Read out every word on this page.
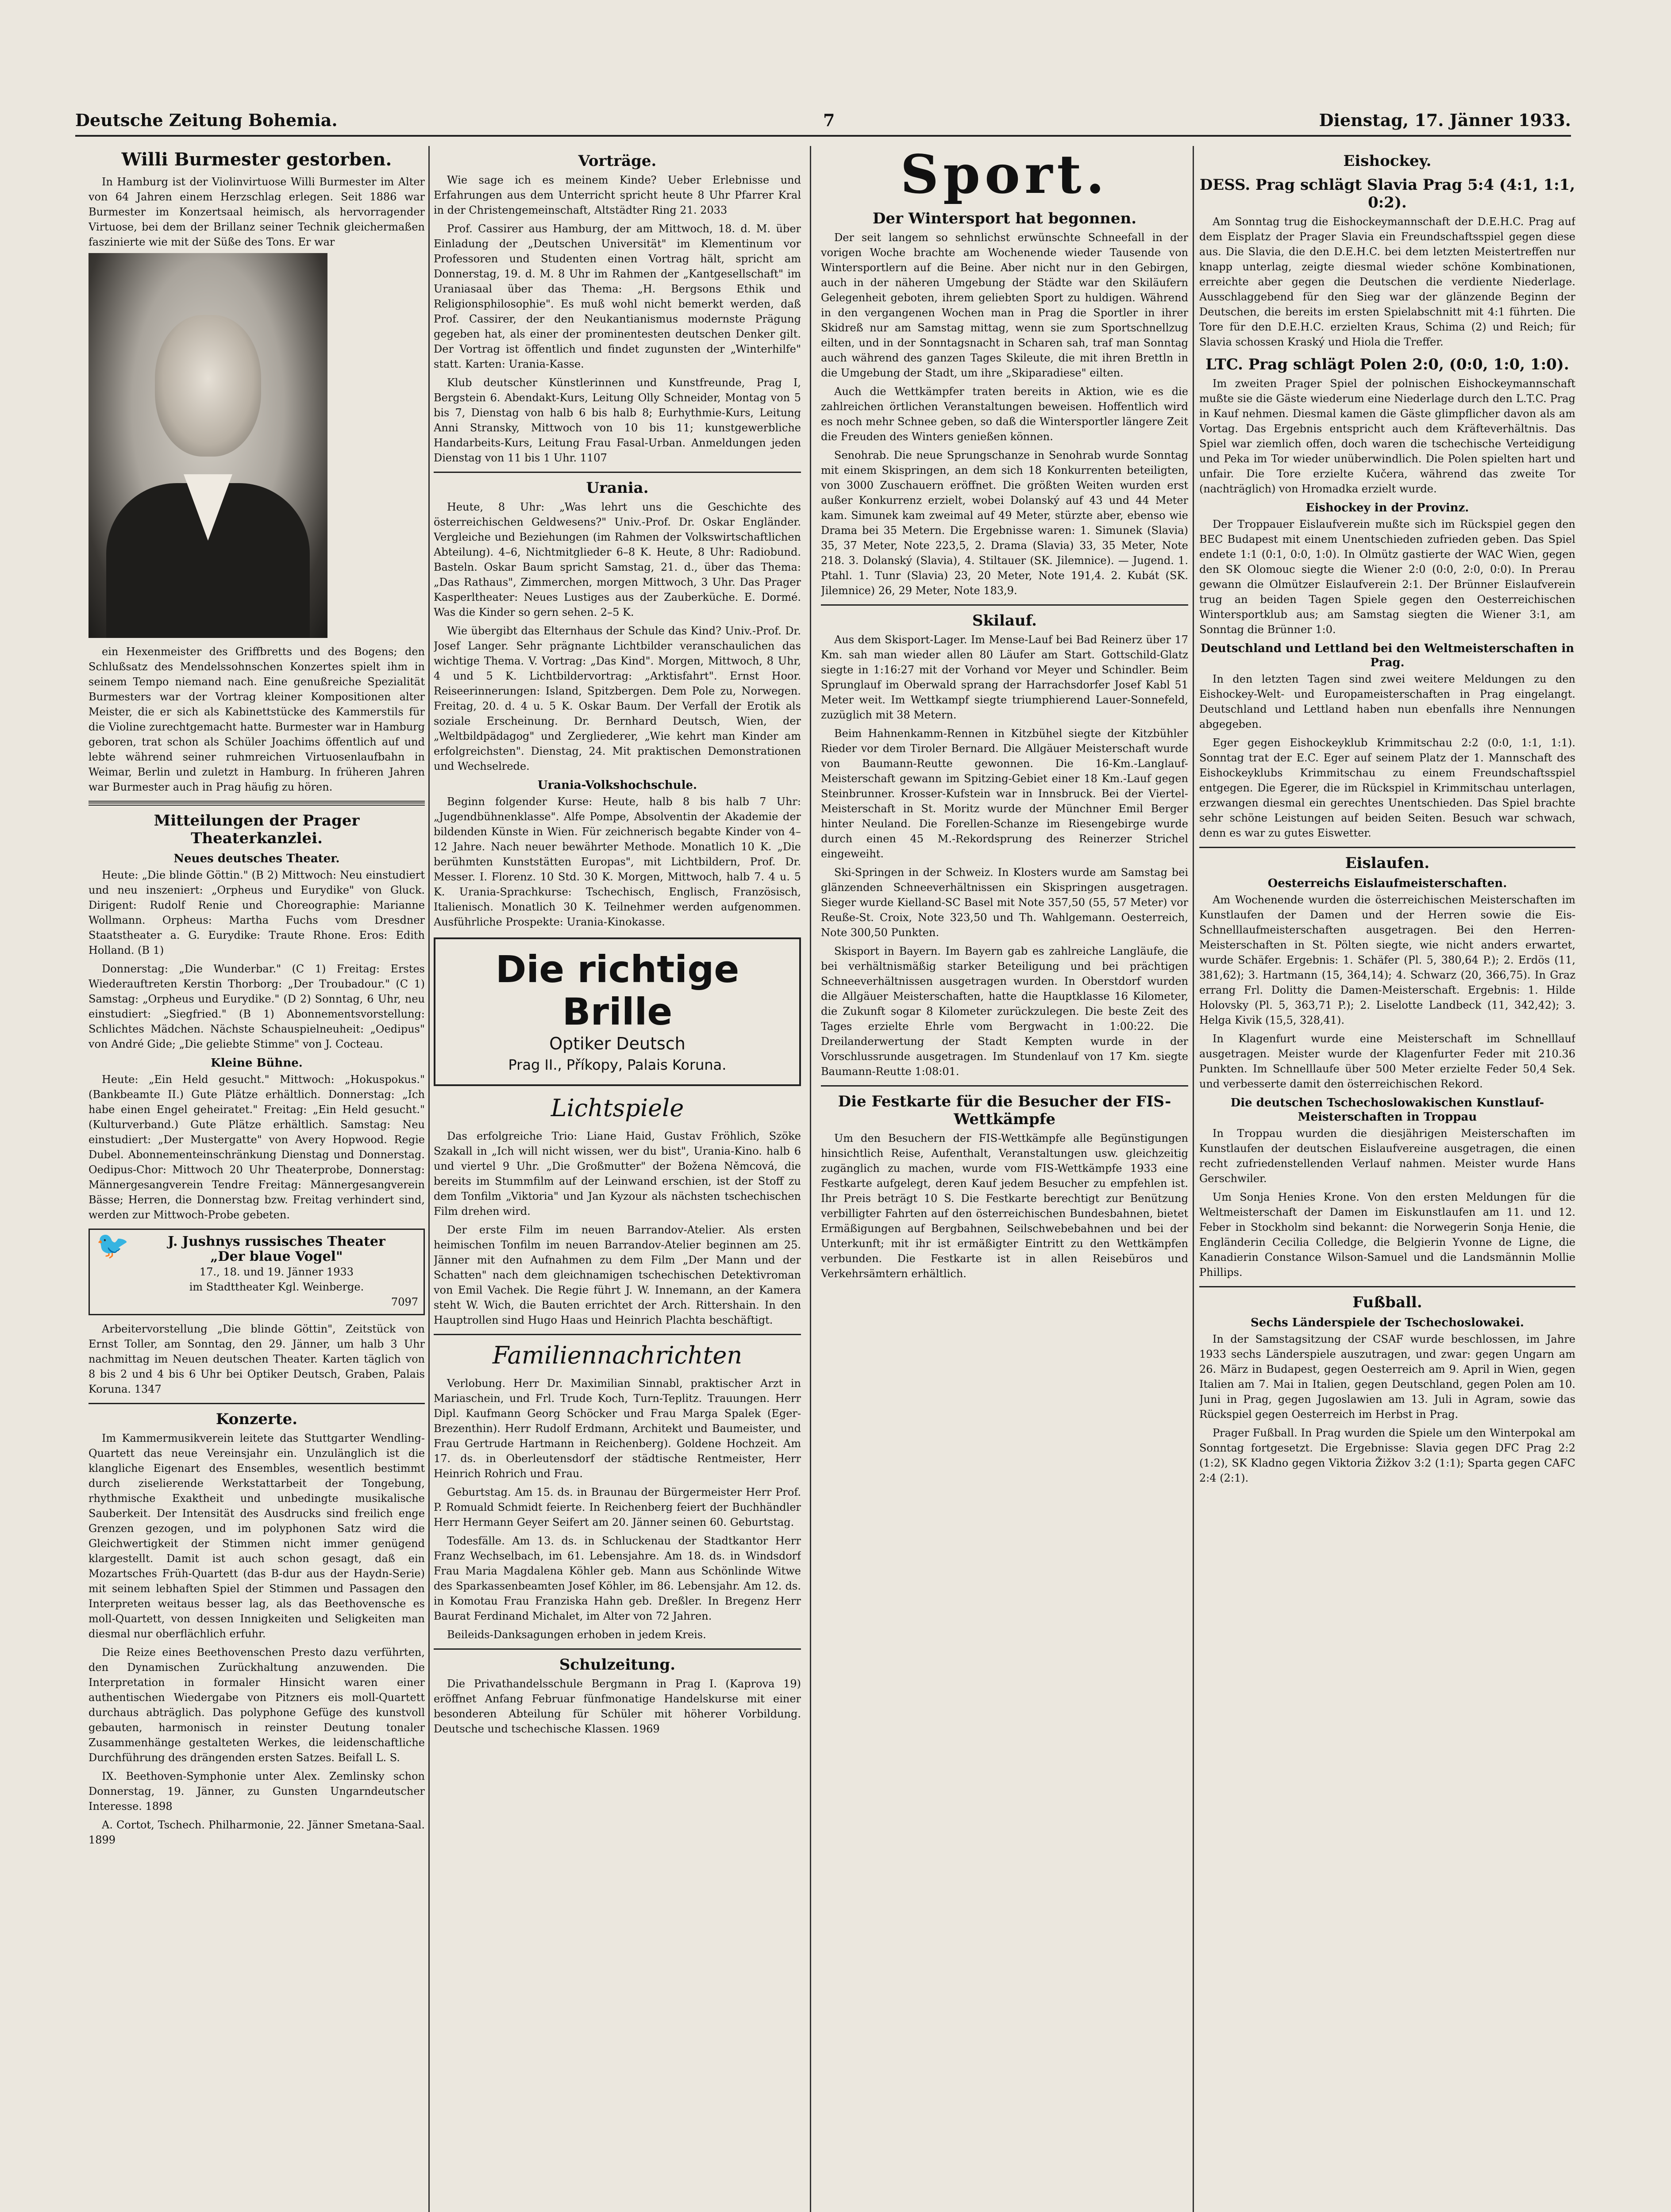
Deutsche Zeitung Bohemia.	7	Dienstag, 17. Jänner 1933.
Willi Burmester gestorben.

In Hamburg ist der Violinvirtuose Willi Burmester im Alter von 64 Jahren einem Herzschlag erlegen. Seit 1886 war Burmester im Konzertsaal heimisch, als hervorragender Virtuose, bei dem der Brillanz seiner Technik gleichermaßen faszinierte wie mit der Süße des Tons. Er war

ein Hexenmeister des Griffbretts und des Bogens; den Schlußsatz des Mendelssohnschen Konzertes spielt ihm in seinem Tempo niemand nach. Eine genußreiche Spezialität Burmesters war der Vortrag kleiner Kompositionen alter Meister, die er sich als Kabinettstücke des Kammerstils für die Violine zurechtgemacht hatte. Burmester war in Hamburg geboren, trat schon als Schüler Joachims öffentlich auf und lebte während seiner ruhmreichen Virtuosenlaufbahn in Weimar, Berlin und zuletzt in Hamburg. In früheren Jahren war Burmester auch in Prag häufig zu hören.

Mitteilungen der Prager Theaterkanzlei.
Neues deutsches Theater.

Heute: „Die blinde Göttin." (B 2) Mittwoch: Neu einstudiert und neu inszeniert: „Orpheus und Eurydike" von Gluck. Dirigent: Rudolf Renie und Choreographie: Marianne Wollmann. Orpheus: Martha Fuchs vom Dresdner Staatstheater a. G. Eurydike: Traute Rhone. Eros: Edith Holland. (B 1)

Donnerstag: „Die Wunderbar." (C 1) Freitag: Erstes Wiederauftreten Kerstin Thorborg: „Der Troubadour." (C 1) Samstag: „Orpheus und Eurydike." (D 2) Sonntag, 6 Uhr, neu einstudiert: „Siegfried." (B 1) Abonnementsvorstellung: Schlichtes Mädchen. Nächste Schauspielneuheit: „Oedipus" von André Gide; „Die geliebte Stimme" von J. Cocteau.

Kleine Bühne.

Heute: „Ein Held gesucht." Mittwoch: „Hokuspokus." (Bankbeamte II.) Gute Plätze erhältlich. Donnerstag: „Ich habe einen Engel geheiratet." Freitag: „Ein Held gesucht." (Kulturverband.) Gute Plätze erhältlich. Samstag: Neu einstudiert: „Der Mustergatte" von Avery Hopwood. Regie Dubel. Abonnementeinschränkung Dienstag und Donnerstag. Oedipus-Chor: Mittwoch 20 Uhr Theaterprobe, Donnerstag: Männergesangverein Tendre Freitag: Männergesangverein Bässe; Herren, die Donnerstag bzw. Freitag verhindert sind, werden zur Mittwoch-Probe gebeten.

🐦	J. Jushnys russisches Theater
„Der blaue Vogel"
17., 18. und 19. Jänner 1933
im Stadttheater Kgl. Weinberge.
7097

Arbeitervorstellung „Die blinde Göttin", Zeitstück von Ernst Toller, am Sonntag, den 29. Jänner, um halb 3 Uhr nachmittag im Neuen deutschen Theater. Karten täglich von 8 bis 2 und 4 bis 6 Uhr bei Optiker Deutsch, Graben, Palais Koruna. 1347

Konzerte.

Im Kammermusikverein leitete das Stuttgarter Wendling-Quartett das neue Vereinsjahr ein. Unzulänglich ist die klangliche Eigenart des Ensembles, wesentlich bestimmt durch ziselierende Werkstattarbeit der Tongebung, rhythmische Exaktheit und unbedingte musikalische Sauberkeit. Der Intensität des Ausdrucks sind freilich enge Grenzen gezogen, und im polyphonen Satz wird die Gleichwertigkeit der Stimmen nicht immer genügend klargestellt. Damit ist auch schon gesagt, daß ein Mozartsches Früh-Quartett (das B-dur aus der Haydn-Serie) mit seinem lebhaften Spiel der Stimmen und Passagen den Interpreten weitaus besser lag, als das Beethovensche es moll-Quartett, von dessen Innigkeiten und Seligkeiten man diesmal nur oberflächlich erfuhr.

Die Reize eines Beethovenschen Presto dazu verführten, den Dynamischen Zurückhaltung anzuwenden. Die Interpretation in formaler Hinsicht waren einer authentischen Wiedergabe von Pitzners eis moll-Quartett durchaus abträglich. Das polyphone Gefüge des kunstvoll gebauten, harmonisch in reinster Deutung tonaler Zusammenhänge gestalteten Werkes, die leidenschaftliche Durchführung des drängenden ersten Satzes. Beifall L. S.

IX. Beethoven-Symphonie unter Alex. Zemlinsky schon Donnerstag, 19. Jänner, zu Gunsten Ungarndeutscher Interesse. 1898

A. Cortot, Tschech. Philharmonie, 22. Jänner Smetana-Saal. 1899

Vorträge.

Wie sage ich es meinem Kinde? Ueber Erlebnisse und Erfahrungen aus dem Unterricht spricht heute 8 Uhr Pfarrer Kral in der Christengemeinschaft, Altstädter Ring 21. 2033

Prof. Cassirer aus Hamburg, der am Mittwoch, 18. d. M. über Einladung der „Deutschen Universität" im Klementinum vor Professoren und Studenten einen Vortrag hält, spricht am Donnerstag, 19. d. M. 8 Uhr im Rahmen der „Kantgesellschaft" im Uraniasaal über das Thema: „H. Bergsons Ethik und Religionsphilosophie". Es muß wohl nicht bemerkt werden, daß Prof. Cassirer, der den Neukantianismus modernste Prägung gegeben hat, als einer der prominentesten deutschen Denker gilt. Der Vortrag ist öffentlich und findet zugunsten der „Winterhilfe" statt. Karten: Urania-Kasse.

Klub deutscher Künstlerinnen und Kunstfreunde, Prag I, Bergstein 6. Abendakt-Kurs, Leitung Olly Schneider, Montag von 5 bis 7, Dienstag von halb 6 bis halb 8; Eurhythmie-Kurs, Leitung Anni Stransky, Mittwoch von 10 bis 11; kunstgewerbliche Handarbeits-Kurs, Leitung Frau Fasal-Urban. Anmeldungen jeden Dienstag von 11 bis 1 Uhr. 1107

Urania.

Heute, 8 Uhr: „Was lehrt uns die Geschichte des österreichischen Geldwesens?" Univ.-Prof. Dr. Oskar Engländer. Vergleiche und Beziehungen (im Rahmen der Volkswirtschaftlichen Abteilung). 4–6, Nichtmitglieder 6–8 K. Heute, 8 Uhr: Radiobund. Basteln. Oskar Baum spricht Samstag, 21. d., über das Thema: „Das Rathaus", Zimmerchen, morgen Mittwoch, 3 Uhr. Das Prager Kasperltheater: Neues Lustiges aus der Zauberküche. E. Dormé. Was die Kinder so gern sehen. 2–5 K.

Wie übergibt das Elternhaus der Schule das Kind? Univ.-Prof. Dr. Josef Langer. Sehr prägnante Lichtbilder veranschaulichen das wichtige Thema. V. Vortrag: „Das Kind". Morgen, Mittwoch, 8 Uhr, 4 und 5 K. Lichtbildervortrag: „Arktisfahrt". Ernst Hoor. Reiseerinnerungen: Island, Spitzbergen. Dem Pole zu, Norwegen. Freitag, 20. d. 4 u. 5 K. Oskar Baum. Der Verfall der Erotik als soziale Erscheinung. Dr. Bernhard Deutsch, Wien, der „Weltbildpädagog" und Zergliederer, „Wie kehrt man Kinder am erfolgreichsten". Dienstag, 24. Mit praktischen Demonstrationen und Wechselrede.

Urania-Volkshochschule.

Beginn folgender Kurse: Heute, halb 8 bis halb 7 Uhr: „Jugendbühnenklasse". Alfe Pompe, Absolventin der Akademie der bildenden Künste in Wien. Für zeichnerisch begabte Kinder von 4–12 Jahre. Nach neuer bewährter Methode. Monatlich 10 K. „Die berühmten Kunststätten Europas", mit Lichtbildern, Prof. Dr. Messer. I. Florenz. 10 Std. 30 K. Morgen, Mittwoch, halb 7. 4 u. 5 K. Urania-Sprachkurse: Tschechisch, Englisch, Französisch, Italienisch. Monatlich 30 K. Teilnehmer werden aufgenommen. Ausführliche Prospekte: Urania-Kinokasse.

Die richtige Brille
Optiker Deutsch
Prag II., Příkopy, Palais Koruna.
Lichtspiele

Das erfolgreiche Trio: Liane Haid, Gustav Fröhlich, Szöke Szakall in „Ich will nicht wissen, wer du bist", Urania-Kino. halb 6 und viertel 9 Uhr. „Die Großmutter" der Božena Němcová, die bereits im Stummfilm auf der Leinwand erschien, ist der Stoff zu dem Tonfilm „Viktoria" und Jan Kyzour als nächsten tschechischen Film drehen wird.

Der erste Film im neuen Barrandov-Atelier. Als ersten heimischen Tonfilm im neuen Barrandov-Atelier beginnen am 25. Jänner mit den Aufnahmen zu dem Film „Der Mann und der Schatten" nach dem gleichnamigen tschechischen Detektivroman von Emil Vachek. Die Regie führt J. W. Innemann, an der Kamera steht W. Wich, die Bauten errichtet der Arch. Rittershain. In den Hauptrollen sind Hugo Haas und Heinrich Plachta beschäftigt.

Familiennachrichten

Verlobung. Herr Dr. Maximilian Sinnabl, praktischer Arzt in Mariaschein, und Frl. Trude Koch, Turn-Teplitz. Trauungen. Herr Dipl. Kaufmann Georg Schöcker und Frau Marga Spalek (Eger-Brezenthin). Herr Rudolf Erdmann, Architekt und Baumeister, und Frau Gertrude Hartmann in Reichenberg). Goldene Hochzeit. Am 17. ds. in Oberleutensdorf der städtische Rentmeister, Herr Heinrich Rohrich und Frau.

Geburtstag. Am 15. ds. in Braunau der Bürgermeister Herr Prof. P. Romuald Schmidt feierte. In Reichenberg feiert der Buchhändler Herr Hermann Geyer Seifert am 20. Jänner seinen 60. Geburtstag.

Todesfälle. Am 13. ds. in Schluckenau der Stadtkantor Herr Franz Wechselbach, im 61. Lebensjahre. Am 18. ds. in Windsdorf Frau Maria Magdalena Köhler geb. Mann aus Schönlinde Witwe des Sparkassenbeamten Josef Köhler, im 86. Lebensjahr. Am 12. ds. in Komotau Frau Franziska Hahn geb. Dreßler. In Bregenz Herr Baurat Ferdinand Michalet, im Alter von 72 Jahren.

Beileids-Danksagungen erhoben in jedem Kreis.

Schulzeitung.

Die Privathandelsschule Bergmann in Prag I. (Kaprova 19) eröffnet Anfang Februar fünfmonatige Handelskurse mit einer besonderen Abteilung für Schüler mit höherer Vorbildung. Deutsche und tschechische Klassen. 1969

Sport.
Der Wintersport hat begonnen.

Der seit langem so sehnlichst erwünschte Schneefall in der vorigen Woche brachte am Wochenende wieder Tausende von Wintersportlern auf die Beine. Aber nicht nur in den Gebirgen, auch in der näheren Umgebung der Städte war den Skiläufern Gelegenheit geboten, ihrem geliebten Sport zu huldigen. Während in den vergangenen Wochen man in Prag die Sportler in ihrer Skidreß nur am Samstag mittag, wenn sie zum Sportschnellzug eilten, und in der Sonntagsnacht in Scharen sah, traf man Sonntag auch während des ganzen Tages Skileute, die mit ihren Brettln in die Umgebung der Stadt, um ihre „Skiparadiese" eilten.

Auch die Wettkämpfer traten bereits in Aktion, wie es die zahlreichen örtlichen Veranstaltungen beweisen. Hoffentlich wird es noch mehr Schnee geben, so daß die Wintersportler längere Zeit die Freuden des Winters genießen können.

Senohrab. Die neue Sprungschanze in Senohrab wurde Sonntag mit einem Skispringen, an dem sich 18 Konkurrenten beteiligten, von 3000 Zuschauern eröffnet. Die größten Weiten wurden erst außer Konkurrenz erzielt, wobei Dolanský auf 43 und 44 Meter kam. Simunek kam zweimal auf 49 Meter, stürzte aber, ebenso wie Drama bei 35 Metern. Die Ergebnisse waren: 1. Simunek (Slavia) 35, 37 Meter, Note 223,5, 2. Drama (Slavia) 33, 35 Meter, Note 218. 3. Dolanský (Slavia), 4. Stiltauer (SK. Jilemnice). — Jugend. 1. Ptahl. 1. Tunr (Slavia) 23, 20 Meter, Note 191,4. 2. Kubát (SK. Jilemnice) 26, 29 Meter, Note 183,9.

Skilauf.

Aus dem Skisport-Lager. Im Mense-Lauf bei Bad Reinerz über 17 Km. sah man wieder allen 80 Läufer am Start. Gottschild-Glatz siegte in 1:16:27 mit der Vorhand vor Meyer und Schindler. Beim Sprunglauf im Oberwald sprang der Harrachsdorfer Josef Kabl 51 Meter weit. Im Wettkampf siegte triumphierend Lauer-Sonnefeld, zuzüglich mit 38 Metern.

Beim Hahnenkamm-Rennen in Kitzbühel siegte der Kitzbühler Rieder vor dem Tiroler Bernard. Die Allgäuer Meisterschaft wurde von Baumann-Reutte gewonnen. Die 16-Km.-Langlauf-Meisterschaft gewann im Spitzing-Gebiet einer 18 Km.-Lauf gegen Steinbrunner. Krosser-Kufstein war in Innsbruck. Bei der Viertel-Meisterschaft in St. Moritz wurde der Münchner Emil Berger hinter Neuland. Die Forellen-Schanze im Riesengebirge wurde durch einen 45 M.-Rekordsprung des Reinerzer Strichel eingeweiht.

Ski-Springen in der Schweiz. In Klosters wurde am Samstag bei glänzenden Schneeverhältnissen ein Skispringen ausgetragen. Sieger wurde Kielland-SC Basel mit Note 357,50 (55, 57 Meter) vor Reuße-St. Croix, Note 323,50 und Th. Wahlgemann. Oesterreich, Note 300,50 Punkten.

Skisport in Bayern. Im Bayern gab es zahlreiche Langläufe, die bei verhältnismäßig starker Beteiligung und bei prächtigen Schneeverhältnissen ausgetragen wurden. In Oberstdorf wurden die Allgäuer Meisterschaften, hatte die Hauptklasse 16 Kilometer, die Zukunft sogar 8 Kilometer zurückzulegen. Die beste Zeit des Tages erzielte Ehrle vom Bergwacht in 1:00:22. Die Dreilanderwertung der Stadt Kempten wurde in der Vorschlussrunde ausgetragen. Im Stundenlauf von 17 Km. siegte Baumann-Reutte 1:08:01.

Die Festkarte für die Besucher der FIS-Wettkämpfe

Um den Besuchern der FIS-Wettkämpfe alle Begünstigungen hinsichtlich Reise, Aufenthalt, Veranstaltungen usw. gleichzeitig zugänglich zu machen, wurde vom FIS-Wettkämpfe 1933 eine Festkarte aufgelegt, deren Kauf jedem Besucher zu empfehlen ist. Ihr Preis beträgt 10 S. Die Festkarte berechtigt zur Benützung verbilligter Fahrten auf den österreichischen Bundesbahnen, bietet Ermäßigungen auf Bergbahnen, Seilschwebebahnen und bei der Unterkunft; mit ihr ist ermäßigter Eintritt zu den Wettkämpfen verbunden. Die Festkarte ist in allen Reisebüros und Verkehrsämtern erhältlich.

Eishockey.
DESS. Prag schlägt Slavia Prag 5:4 (4:1, 1:1, 0:2).

Am Sonntag trug die Eishockeymannschaft der D.E.H.C. Prag auf dem Eisplatz der Prager Slavia ein Freundschaftsspiel gegen diese aus. Die Slavia, die den D.E.H.C. bei dem letzten Meistertreffen nur knapp unterlag, zeigte diesmal wieder schöne Kombinationen, erreichte aber gegen die Deutschen die verdiente Niederlage. Ausschlaggebend für den Sieg war der glänzende Beginn der Deutschen, die bereits im ersten Spielabschnitt mit 4:1 führten. Die Tore für den D.E.H.C. erzielten Kraus, Schima (2) und Reich; für Slavia schossen Kraský und Hiola die Treffer.

LTC. Prag schlägt Polen 2:0, (0:0, 1:0, 1:0).

Im zweiten Prager Spiel der polnischen Eishockeymannschaft mußte sie die Gäste wiederum eine Niederlage durch den L.T.C. Prag in Kauf nehmen. Diesmal kamen die Gäste glimpflicher davon als am Vortag. Das Ergebnis entspricht auch dem Kräfteverhältnis. Das Spiel war ziemlich offen, doch waren die tschechische Verteidigung und Peka im Tor wieder unüberwindlich. Die Polen spielten hart und unfair. Die Tore erzielte Kučera, während das zweite Tor (nachträglich) von Hromadka erzielt wurde.

Eishockey in der Provinz.

Der Troppauer Eislaufverein mußte sich im Rückspiel gegen den BEC Budapest mit einem Unentschieden zufrieden geben. Das Spiel endete 1:1 (0:1, 0:0, 1:0). In Olmütz gastierte der WAC Wien, gegen den SK Olomouc siegte die Wiener 2:0 (0:0, 2:0, 0:0). In Prerau gewann die Olmützer Eislaufverein 2:1. Der Brünner Eislaufverein trug an beiden Tagen Spiele gegen den Oesterreichischen Wintersportklub aus; am Samstag siegten die Wiener 3:1, am Sonntag die Brünner 1:0.

Deutschland und Lettland bei den Weltmeisterschaften in Prag.

In den letzten Tagen sind zwei weitere Meldungen zu den Eishockey-Welt- und Europameisterschaften in Prag eingelangt. Deutschland und Lettland haben nun ebenfalls ihre Nennungen abgegeben.

Eger gegen Eishockeyklub Krimmitschau 2:2 (0:0, 1:1, 1:1). Sonntag trat der E.C. Eger auf seinem Platz der 1. Mannschaft des Eishockeyklubs Krimmitschau zu einem Freundschaftsspiel entgegen. Die Egerer, die im Rückspiel in Krimmitschau unterlagen, erzwangen diesmal ein gerechtes Unentschieden. Das Spiel brachte sehr schöne Leistungen auf beiden Seiten. Besuch war schwach, denn es war zu gutes Eiswetter.

Eislaufen.
Oesterreichs Eislaufmeisterschaften.

Am Wochenende wurden die österreichischen Meisterschaften im Kunstlaufen der Damen und der Herren sowie die Eis-Schnelllaufmeisterschaften ausgetragen. Bei den Herren-Meisterschaften in St. Pölten siegte, wie nicht anders erwartet, wurde Schäfer. Ergebnis: 1. Schäfer (Pl. 5, 380,64 P.); 2. Erdös (11, 381,62); 3. Hartmann (15, 364,14); 4. Schwarz (20, 366,75). In Graz errang Frl. Dolitty die Damen-Meisterschaft. Ergebnis: 1. Hilde Holovsky (Pl. 5, 363,71 P.); 2. Liselotte Landbeck (11, 342,42); 3. Helga Kivik (15,5, 328,41).

In Klagenfurt wurde eine Meisterschaft im Schnelllauf ausgetragen. Meister wurde der Klagenfurter Feder mit 210.36 Punkten. Im Schnelllaufe über 500 Meter erzielte Feder 50,4 Sek. und verbesserte damit den österreichischen Rekord.

Die deutschen Tschechoslowakischen Kunstlauf-Meisterschaften in Troppau

In Troppau wurden die diesjährigen Meisterschaften im Kunstlaufen der deutschen Eislaufvereine ausgetragen, die einen recht zufriedenstellenden Verlauf nahmen. Meister wurde Hans Gerschwiler.

Um Sonja Henies Krone. Von den ersten Meldungen für die Weltmeisterschaft der Damen im Eiskunstlaufen am 11. und 12. Feber in Stockholm sind bekannt: die Norwegerin Sonja Henie, die Engländerin Cecilia Colledge, die Belgierin Yvonne de Ligne, die Kanadierin Constance Wilson-Samuel und die Landsmännin Mollie Phillips.

Fußball.
Sechs Länderspiele der Tschechoslowakei.

In der Samstagsitzung der CSAF wurde beschlossen, im Jahre 1933 sechs Länderspiele auszutragen, und zwar: gegen Ungarn am 26. März in Budapest, gegen Oesterreich am 9. April in Wien, gegen Italien am 7. Mai in Italien, gegen Deutschland, gegen Polen am 10. Juni in Prag, gegen Jugoslawien am 13. Juli in Agram, sowie das Rückspiel gegen Oesterreich im Herbst in Prag.

Prager Fußball. In Prag wurden die Spiele um den Winterpokal am Sonntag fortgesetzt. Die Ergebnisse: Slavia gegen DFC Prag 2:2 (1:2), SK Kladno gegen Viktoria Žižkov 3:2 (1:1); Sparta gegen CAFC 2:4 (2:1).
